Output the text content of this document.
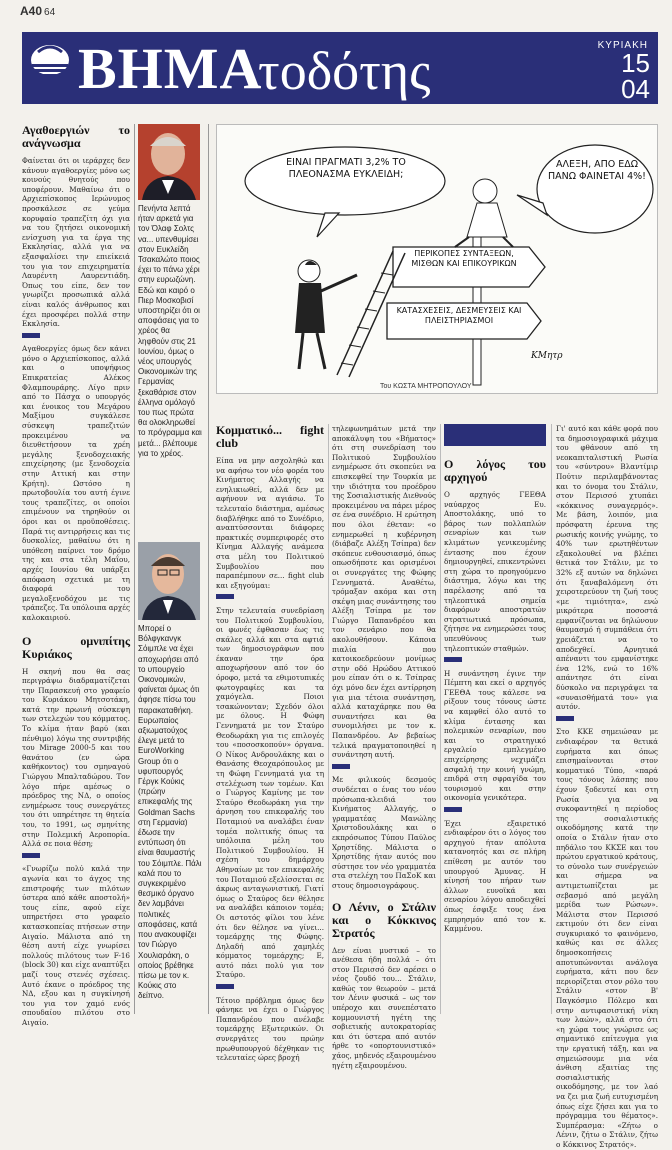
A40 64
ΒΗΜΑ
τοδότης	ΚΥΡΙΑΚΗ
15
04
Αγαθοεργιών το ανάγνωσμα

Φαίνεται ότι οι ιεράρχες δεν κάνουν αγαθοεργίες μόνο ως κοινούς θνητούς που υποφέρουν. Μαθαίνω ότι ο Αρχιεπίσκοπος Ιερώνυμος προσκάλεσε σε γεύμα κορυφαίο τραπεζίτη όχι για να του ζητήσει οικονομική ενίσχυση για τα έργα της Εκκλησίας, αλλά για να εξασφαλίσει την επιείκειά του για τον επιχειρηματία Λαυρέντη Λαυρεντιάδη. Όπως του είπε, δεν τον γνωρίζει προσωπικά αλλά είναι καλός άνθρωπος και έχει προσφέρει πολλά στην Εκκλησία.

Αγαθοεργίες όμως δεν κάνει μόνο ο Αρχιεπίσκοπος, αλλά και ο υποψήφιος Επικρατείας Αλέκος Φλαμπουράρης. Λίγο πριν από το Πάσχα ο υπουργός και ένοικος του Μεγάρου Μαξίμου συγκάλεσε σύσκεψη τραπεζιτών προκειμένου να διευθετήσουν τα χρέη μεγάλης ξενοδοχειακής επιχείρησης (με ξενοδοχεία στην Αττική και στην Κρήτη). Ωστόσο η πρωτοβουλία του αυτή έγινε τους τραπεζίτες, οι οποίοι επιμένουν να τηρηθούν οι όροι και οι προϋποθέσεις. Παρά τις αντιρρήσεις και τις δυσκολίες, μαθαίνω ότι η υπόθεση παίρνει τον δρόμο της και στα τέλη Μαΐου, αρχές Ιουνίου θα υπάρξει απόφαση σχετικά με τη διαφορά του μεγαλοξενοδόχου με τις τράπεζες. Τα υπόλοιπα αρχές καλοκαιριού.

Ο ομνιπίτης Κυριάκος

Η σκηνή που θα σας περιγράψω διαδραματίζεται την Παρασκευή στο γραφείο του Κυριάκου Μητσοτάκη, κατά την πρωινή σύσκεψη των στελεχών του κόμματος. Το κλίμα ήταν βαρύ (και πένθιμο) λόγω της συντριβής του Mirage 2000-5 και του θανάτου (εν ώρα καθήκοντος) του σμηναγού Γιώργου Μπαλταδώρου. Τον λόγο πήρε αμέσως ο πρόεδρος της ΝΔ, ο οποίος ενημέρωσε τους συνεργάτες του ότι υπηρέτησε τη θητεία του, το 1991, ως σμηνίτης στην Πολεμική Αεροπορία. Αλλά σε ποια θέση;

«Γνωρίζω πολύ καλά την αγωνία και το άγχος της επιστροφής των πιλότων ύστερα από κάθε αποστολή» τους είπε, αφού είχε υπηρετήσει στο γραφείο κατασκοπείας πτήσεων στην Αιγαίο. Μάλιστα από τη θέση αυτή είχε γνωρίσει πολλούς πιλότους των F-16 (block 30) και είχε αναπτύξει μαζί τους στενές σχέσεις. Αυτό έκανε ο πρόεδρος της ΝΔ, εξου και η συγκίνησή του για τον χαμό ενός σπουδαίου πιλότου στο Αιγαίο.

Πενήντα λεπτά ήταν αρκετά για τον Όλαφ Σολτς να... υπενθυμίσει στον Ευκλείδη Τσακαλώτο ποιος έχει το πάνω χέρι στην ευρωζώνη. Εδώ και καιρό ο Πιερ Μοσκοβισί υποστηρίζει ότι οι αποφάσεις για το χρέος θα ληφθούν στις 21 Ιουνίου, όμως ο νέος υπουργός Οικονομικών της Γερμανίας ξεκαθάρισε στον έλληνα ομόλογό του πως πρώτα θα ολοκληρωθεί το πρόγραμμα και μετά... βλέπουμε για το χρέος.
Μπορεί ο Βόλφγκανγκ Σόιμπλε να έχει αποχωρήσει από το υπουργείο Οικονομικών, φαίνεται όμως ότι άφησε πίσω του παρακαταθήκη. Ευρωπαίος αξιωματούχος έλεγε μετά το EuroWorking Group ότι ο υφυπουργός Γέργκ Κούκις (πρώην επικεφαλής της Goldman Sachs στη Γερμανία) έδωσε την εντύπωση ότι είναι θαυμαστής του Σόιμπλε. Πάλι καλά που το συγκεκριμένο θεσμικό όργανο δεν λαμβάνει πολιτικές αποφάσεις, κατά που ανακουφίζει τον Γιώργο Χουλιαράκη, ο οποίος βρέθηκε πίσω με τον κ. Κούκις στο δείπνο.
ΕΙΝΑΙ ΠΡΑΓΜΑΤΙ 3,2% ΤΟ ΠΛΕΟΝΑΣΜΑ ΕΥΚΛΕΙΔΗ;
ΑΛΕΞΗ, ΑΠΟ ΕΔΩ ΠΑΝΩ ΦΑΙΝΕΤΑΙ 4%!
ΠΕΡΙΚΟΠΕΣ ΣΥΝΤΑΞΕΩΝ, ΜΙΣΘΩΝ ΚΑΙ ΕΠΙΚΟΥΡΙΚΩΝ
ΚΑΤΑΣΧΕΣΕΙΣ, ΔΕΣΜΕΥΣΕΙΣ ΚΑΙ ΠΛΕΙΣΤΗΡΙΑΣΜΟΙ
ΚΜητρ
Του ΚΩΣΤΑ ΜΗΤΡΟΠΟΥΛΟΥ
Κομματικό... fight club

Είπα να μην ασχοληθώ και να αφήσω τον νέο φορέα του Κινήματος Αλλαγής να ενηλικιωθεί, αλλά δεν με αφήνουν να αγιάσω. Το τελευταίο διάστημα, αμέσως διαβλήθηκε από το Συνέδριο, αναπτύσσονται διάφορες πρακτικές συμπεριφορές στο Κίνημα Αλλαγής ανάμεσα στα μέλη του Πολιτικού Συμβουλίου που παραπέμπουν σε... fight club και εξηγούμαι:

Στην τελευταία συνεδρίαση του Πολιτικού Συμβουλίου, οι φωνές έφθασαν έως τις σκάλες αλλά και στα αφτιά των δημοσιογράφων που έκαναν την όρα αποχωρήσουν από τον όο όροφο, μετά τα εθιμοτυπικές φωτογραφίες και τα χαμόγελα. Ποιοι τσακώνονταν; Σχεδόν όλοι με όλους. Η Φώφη Γεννηματά με τον Σταύρο Θεοδωράκη για τις επιλογές του «ποσοσκοπούν» όργανα. Ο Νίκος Ανδρουλάκης και ο Θανάσης Θεοχαρόπουλος με τη Φώφη Γεννηματά για τη στελέχωση των τομέων. Και ο Γιώργος Καμίνης με τον Σταύρο Θεοδωράκη για την άρνηση του επικεφαλής του Ποταμιού να αναλάβει έναν τομέα πολιτικής όπως τα υπόλοιπα μέλη του Πολιτικού Συμβουλίου. Η σχέση του δημάρχου Αθηναίων με τον επικεφαλής του Ποταμιού εξελίσσεται σε άκρως ανταγωνιστική. Γιατί όμως ο Σταύρος δεν θέλησε να αναλάβει κάποιον τομέα; Οι αστοτός φίλοι του λένε ότι δεν θέλησε να γίνει... τομεάρχης της Φώφης. Δηλαδή από χαμηλές κόμματος τομεάρχης; Ε, αυτό πάει πολύ για τον Σταύρο.

Τέτοιο πρόβλημα όμως δεν φάνηκε να έχει ο Γιώργος Παπανδρέου που ανέλαβε τομεάρχης Εξωτερικών. Οι συνεργάτες του πρώην πρωθυπουργού δέχθηκαν τις τελευταίες ώρες βροχή

τηλεφωνημάτων μετά την αποκάλυψη του «Βήματος» ότι στη συνεδρίαση του Πολιτικού Συμβουλίου ενημέρωσε ότι σκοπεύει να επισκεφθεί την Τουρκία με την ιδιότητα του προέδρου της Σοσιαλιστικής Διεθνούς προκειμένου να πάρει μέρος σε ένα συνέδριο. Η ερώτηση που όλοι έθεταν: «ο ενημερωθεί η κυβέρνηση (διάβαζε Αλέξη Τσίπρα) δεν σκόπευε ενθουσιασμό, όπως οπωσδήποτε και ορισμένοι οι συνεργάτες της Φώφης Γεννηματά. Αναθέτω, τρόμαξαν ακόμα και στη σκέψη μιας συνάντησης του Αλέξη Τσίπρα με τον Γιώργο Παπανδρέου και τον σενάριο που θα ακολουθήσουν. Κάποια πιαλία που κατοικοεδρεύουν μονίμως στην οδό Ηρώδου Αττικού μου είπαν ότι ο κ. Τσίπρας όχι μόνο δεν έχει αντίρρηση για μια τέτοια συνάντηση, αλλά καταχάρηκε που θα συναντήσει και θα συνομιλήσει με τον κ. Παπανδρέου. Αν βεβαίως τελικά πραγματοποιηθεί η συνάντηση αυτή.

Με φιλικούς δεσμούς συνδέεται ο ένας του νέου πρόσωπα-κλειδιά του Κινήματος Αλλαγής, ο γραμματέας Μανώλης Χριστοδουλάκης και ο εκπρόσωπος Τύπου Παύλος Χρηστίδης. Μάλιστα ο Χρηστίδης ήταν αυτός που σύστησε τον νέο γραμματέα στα στελέχη του ΠαΣοΚ και στους δημοσιογράφους.

Ο Λένιν, ο Στάλιν και ο Κόκκινος Στρατός

Δεν είναι μυστικό – το ανέθεσα ήδη πολλά – ότι στον Περισσό δεν αρέσει ο νέος ζουδό του... Στάλιν, καθώς τον θεωρούν – μετά τον Λένιν φυσικά – ως τον υπέροχο και συνεπέστατο κομμουνιστή ηγέτη της σοβιετικής αυτοκρατορίας και ότι ύστερα από αυτόν ήρθε το «οπορτουνιστικό» χάος, μηδενός εξαιρουμένου ηγέτη εξαιρουμένου.

Ο λόγος του αρχηγού

Ο αρχηγός ΓΕΕΘΑ ναύαρχος Ευ. Αποστολάκης, υπό το βάρος των πολλαπλών σεναρίων και των κλιμάτων γενικευμένης έντασης που έχουν δημιουργηθεί, επικεντρώνει στη χώρα το προηγούμενο διάστημα, λόγω και της παρέλασης από τα τηλεοπτικά σημεία διαφόρων αποστρατών στρατιωτικά πρόσωπα, ζήτησε να ενημερώσει τους υπευθύνους των τηλεοπτικών σταθμών.

Η συνάντηση έγινε την Πέμπτη και εκεί ο αρχηγός ΓΕΕΘΑ τους κάλεσε να ρίξουν τους τόνους ώστε να καμφθεί όλο αυτό το κλίμα έντασης και πολεμικών σεναρίων, που και το στρατηγικό εργαλείο εμπλεγμένο επιχείρησης νεχιμάζει ασφαλή την κοινή γνώμη, επιδρά στη σφραγίδα του τουρισμού και στην οικονομία γενικότερα.

Έχει εξαιρετικό ενδιαφέρον ότι ο λόγος του αρχηγού ήταν απόλυτα κατανοητός και σε πλήρη επίθεση με αυτόν του υπουργού Άμυνας. Η κίνησή του πήραν των άλλων ευνοϊκά και σεναρίου λόγου αποδειχθεί όπως έσφιξε τους ένα εμπρησμόν από τον κ. Καμμένου.

Γι' αυτό και κάθε φορά που τα δημοσιογραφικά μάχιμα του φθάνουν από τη νεοκαπιταλιστική Ρωσία του «σύντρου» Βλαντίμιρ Πούτιν περιλαμβάνοντας και το όνομα του Στάλιν, στον Περισσό χτυπάει «κόκκινος συναγερμός». Με βάση, λοιπόν, μια πρόσφατη έρευνα της ρωσικής κοινής γνώμης, το 40% των ερωτηθέντων εξακολουθεί να βλέπει θετικά τον Στάλιν, με το 32% εξ αυτών να δηλώνει ότι ξαναβαλόμενη ότι χειροτερεύουν τη ζωή τους «με τιμιότητα», ενώ μικρότερα ποσοστά εμφανίζονται να δηλώνουν θαυμασμό ή συμπάθεια ότι χρειάζεται να το αποδεχθεί. Αρνητικά απέναντι του εμφανίστηκε ένα 12%, ενώ το 16% απάντησε ότι είναι δύσκολο να περιγράψει τα «συναισθήματά του» για αυτόν.

Στο ΚΚΕ σημειώσαν με ενδιαφέρον τα θετικά ευρήματα και όπως επισημαίνονται στον κομματικό Τύπο, «παρά τους τόνους λάσπης που έχουν ξοδευτεί και στη Ρωσία για να συκοφαντηθεί η περίοδος της σοσιαλιστικής οικοδόμησης κατά την οποία ο Στάλιν ήταν στο πηδάλιο του ΚΚΣΕ και του πρώτου εργατικού κράτους, το σύνολο των συνέργειών και σήμερα να αντιμετωπίζεται με σεβασμό από μεγάλη μερίδα των Ρώσων». Μάλιστα στον Περισσό εκτιμούν ότι δεν είναι συγκυριακό το φαινόμενο, καθώς και σε άλλες δημοσκοπήσεις αποτυπώνονται ανάλογα ευρήματα, κάτι που δεν περιορίζεται στον ρόλο του Στάλιν «στον Β' Παγκόσμιο Πόλεμο και στην αντιφασιστική νίκη των λαών», αλλά στο ότι «η χώρα τους γνώρισε ως σημαντικό επίτευγμα για την εργατική τάξη, και να σημειώσουμε μια νέα άνθιση εξαιτίας της σοσιαλιστικής οικοδόμησης, με τον λαό να ζει μια ζωή ευτυχισμένη όπως είχε ζήσει και για το πρόγραμμα του θέματος». Συμπέρασμα: «Ζήτω ο Λένιν, ζήτω ο Στάλιν, ζήτω ο Κόκκινος Στρατός».
